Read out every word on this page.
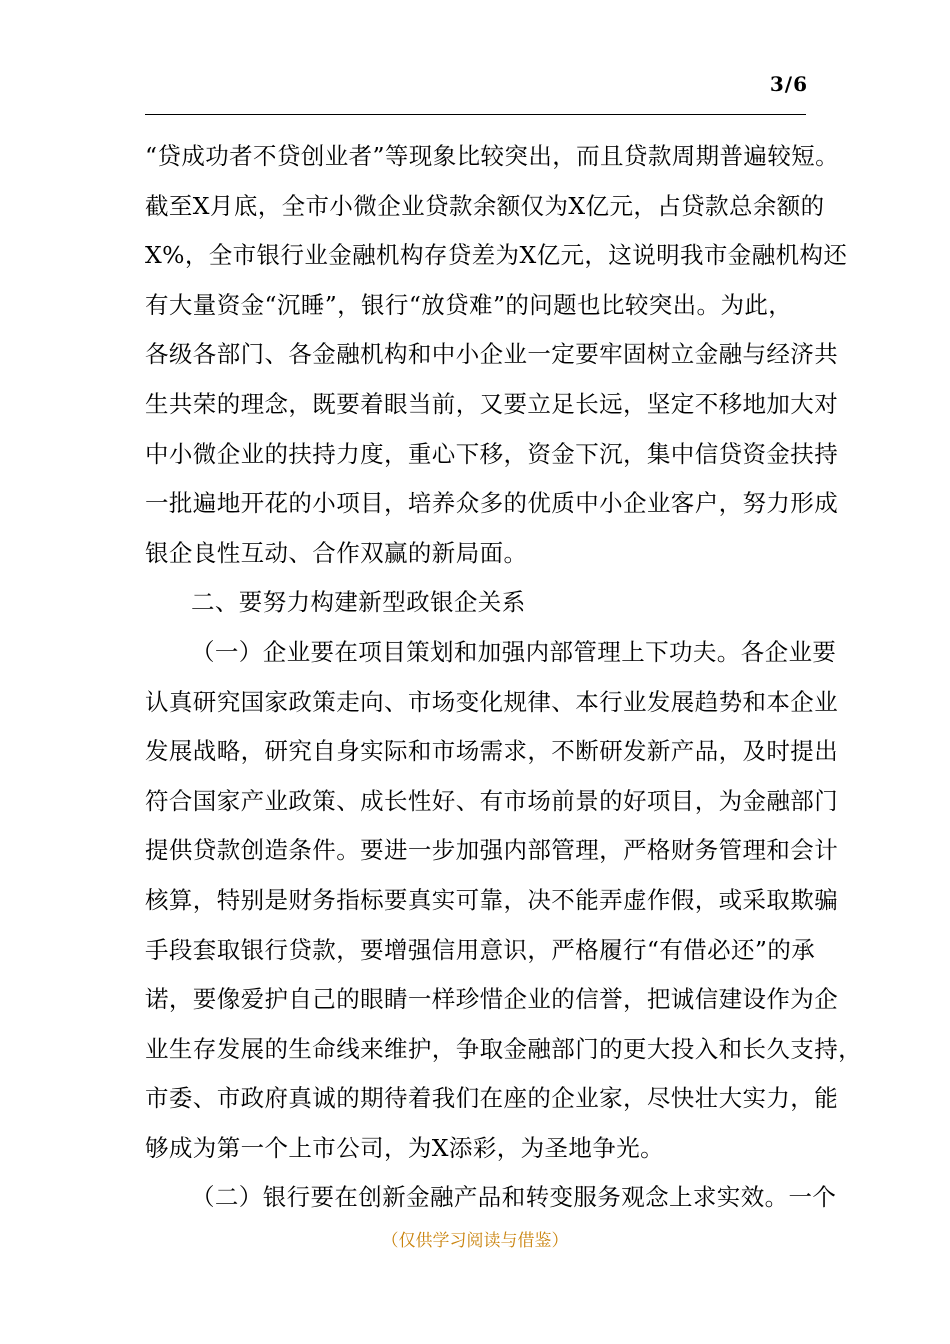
3/6
“贷成功者不贷创业者”等现象比较突出，而且贷款周期普遍较短。
截至X月底，全市小微企业贷款余额仅为X亿元，占贷款总余额的
X%，全市银行业金融机构存贷差为X亿元，这说明我市金融机构还
有大量资金“沉睡”，银行“放贷难”的问题也比较突出。为此，
各级各部门、各金融机构和中小企业一定要牢固树立金融与经济共
生共荣的理念，既要着眼当前，又要立足长远，坚定不移地加大对
中小微企业的扶持力度，重心下移，资金下沉，集中信贷资金扶持
一批遍地开花的小项目，培养众多的优质中小企业客户，努力形成
银企良性互动、合作双赢的新局面。
二、要努力构建新型政银企关系
（一）企业要在项目策划和加强内部管理上下功夫。各企业要
认真研究国家政策走向、市场变化规律、本行业发展趋势和本企业
发展战略，研究自身实际和市场需求，不断研发新产品，及时提出
符合国家产业政策、成长性好、有市场前景的好项目，为金融部门
提供贷款创造条件。要进一步加强内部管理，严格财务管理和会计
核算，特别是财务指标要真实可靠，决不能弄虚作假，或采取欺骗
手段套取银行贷款，要增强信用意识，严格履行“有借必还”的承
诺，要像爱护自己的眼睛一样珍惜企业的信誉，把诚信建设作为企
业生存发展的生命线来维护，争取金融部门的更大投入和长久支持，
市委、市政府真诚的期待着我们在座的企业家，尽快壮大实力，能
够成为第一个上市公司，为X添彩，为圣地争光。
（二）银行要在创新金融产品和转变服务观念上求实效。一个
（仅供学习阅读与借鉴）
